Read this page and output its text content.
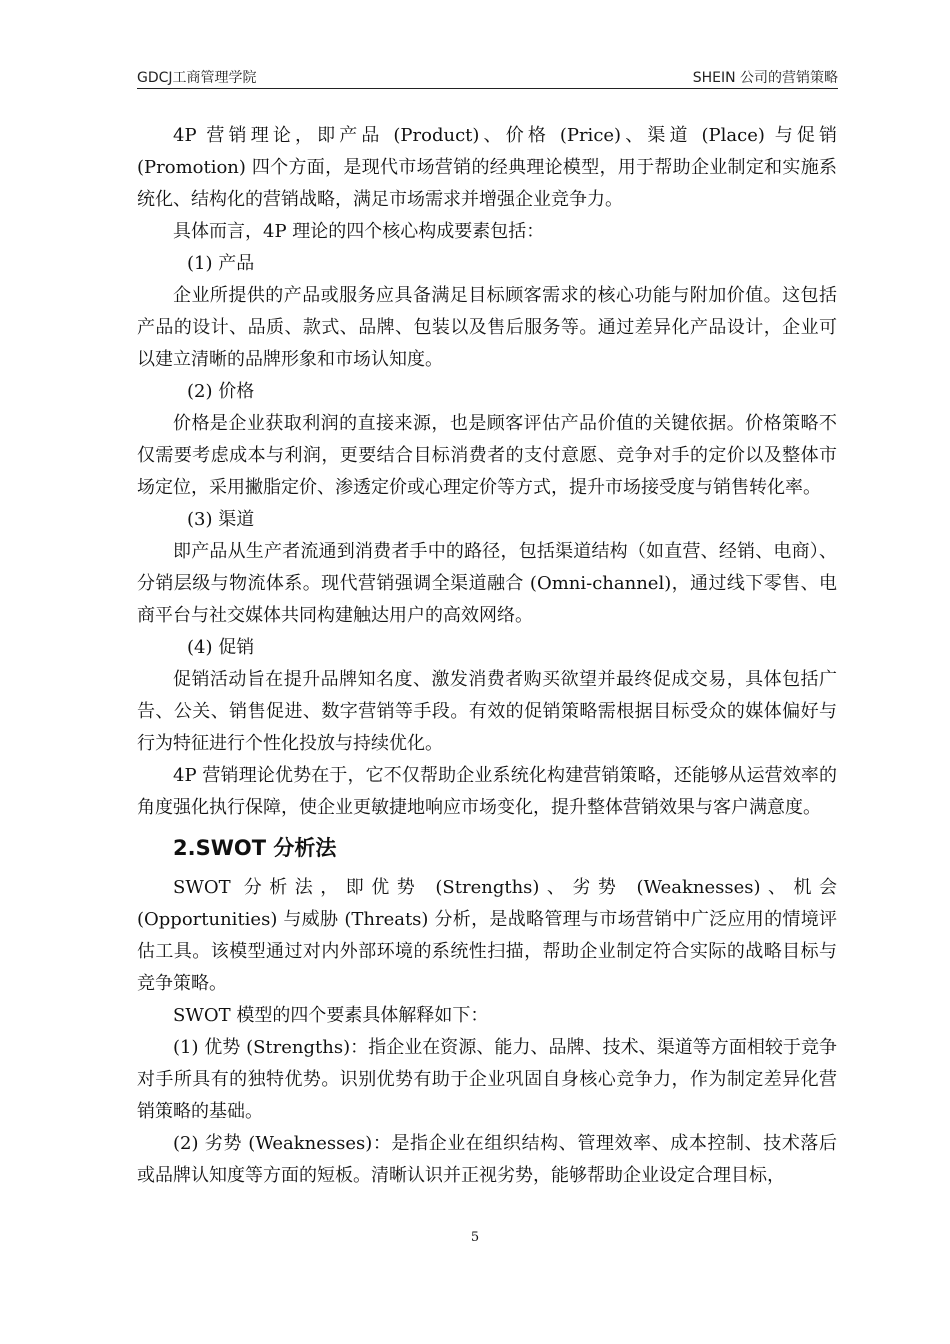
GDCJ工商管理学院	SHEIN 公司的营销策略

4P 营销理论，即产品 (Product)、价格 (Price)、渠道 (Place) 与促销 (Promotion) 四个方面，是现代市场营销的经典理论模型，用于帮助企业制定和实施系统化、结构化的营销战略，满足市场需求并增强企业竞争力。

具体而言，4P 理论的四个核心构成要素包括：

(1) 产品

企业所提供的产品或服务应具备满足目标顾客需求的核心功能与附加价值。这包括产品的设计、品质、款式、品牌、包装以及售后服务等。通过差异化产品设计，企业可以建立清晰的品牌形象和市场认知度。

(2) 价格

价格是企业获取利润的直接来源，也是顾客评估产品价值的关键依据。价格策略不仅需要考虑成本与利润，更要结合目标消费者的支付意愿、竞争对手的定价以及整体市场定位，采用撇脂定价、渗透定价或心理定价等方式，提升市场接受度与销售转化率。

(3) 渠道

即产品从生产者流通到消费者手中的路径，包括渠道结构（如直营、经销、电商）、分销层级与物流体系。现代营销强调全渠道融合 (Omni-channel)，通过线下零售、电商平台与社交媒体共同构建触达用户的高效网络。

(4) 促销

促销活动旨在提升品牌知名度、激发消费者购买欲望并最终促成交易，具体包括广告、公关、销售促进、数字营销等手段。有效的促销策略需根据目标受众的媒体偏好与行为特征进行个性化投放与持续优化。

4P 营销理论优势在于，它不仅帮助企业系统化构建营销策略，还能够从运营效率的角度强化执行保障，使企业更敏捷地响应市场变化，提升整体营销效果与客户满意度。

2.SWOT 分析法

SWOT 分析法，即优势 (Strengths)、劣势 (Weaknesses)、机会 (Opportunities) 与威胁 (Threats) 分析，是战略管理与市场营销中广泛应用的情境评估工具。该模型通过对内外部环境的系统性扫描，帮助企业制定符合实际的战略目标与竞争策略。

SWOT 模型的四个要素具体解释如下：

(1) 优势 (Strengths)：指企业在资源、能力、品牌、技术、渠道等方面相较于竞争对手所具有的独特优势。识别优势有助于企业巩固自身核心竞争力，作为制定差异化营销策略的基础。

(2) 劣势 (Weaknesses)：是指企业在组织结构、管理效率、成本控制、技术落后或品牌认知度等方面的短板。清晰认识并正视劣势，能够帮助企业设定合理目标，

5
